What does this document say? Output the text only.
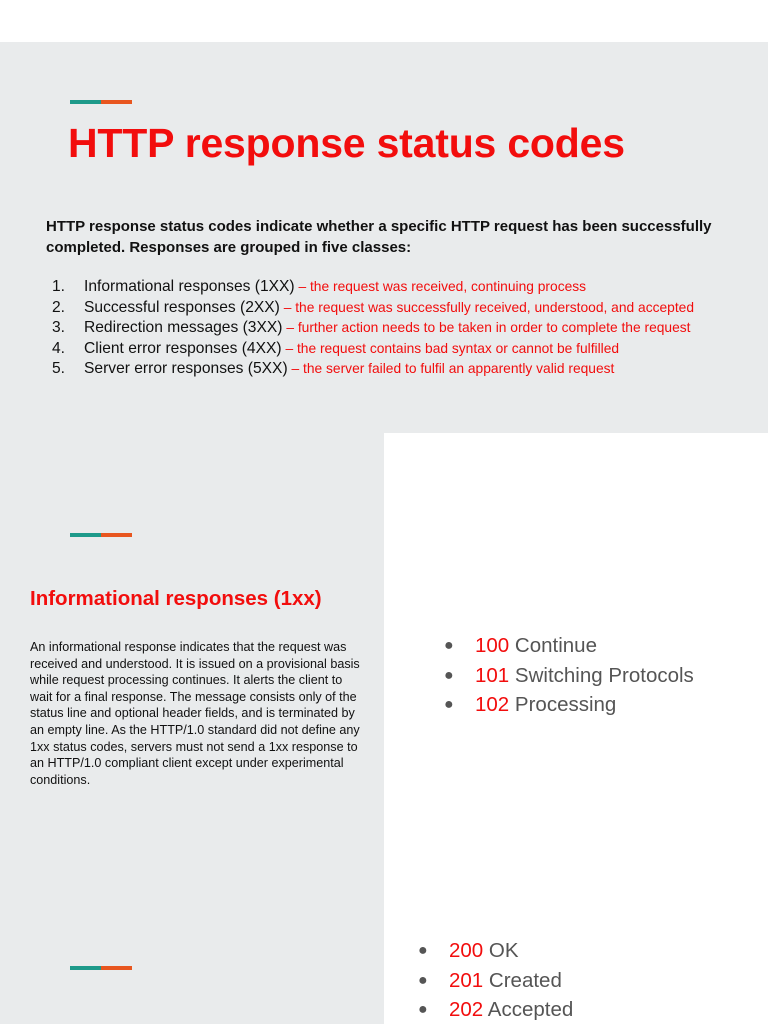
HTTP response status codes

HTTP response status codes indicate whether a specific HTTP request has been successfully completed. Responses are grouped in five classes:

1. Informational responses (1XX) – the request was received, continuing process
2. Successful responses (2XX) – the request was successfully received, understood, and accepted
3. Redirection messages (3XX) – further action needs to be taken in order to complete the request
4. Client error responses (4XX) – the request contains bad syntax or cannot be fulfilled
5. Server error responses (5XX) – the server failed to fulfil an apparently valid request
Informational responses (1xx)

An informational response indicates that the request was received and understood. It is issued on a provisional basis while request processing continues. It alerts the client to wait for a final response. The message consists only of the status line and optional header fields, and is terminated by an empty line. As the HTTP/1.0 standard did not define any 1xx status codes, servers must not send a 1xx response to an HTTP/1.0 compliant client except under experimental conditions.

● 100 Continue
● 101 Switching Protocols
● 102 Processing
● 200 OK
● 201 Created
● 202 Accepted
